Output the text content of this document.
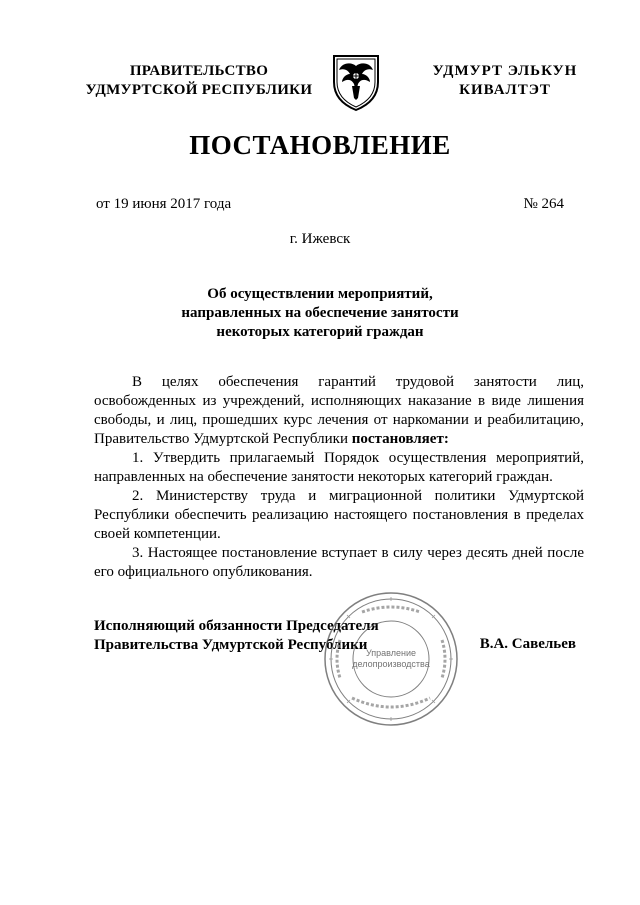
ПРАВИТЕЛЬСТВО
УДМУРТСКОЙ РЕСПУБЛИКИ
УДМУРТ ЭЛЬКУН
КИВАЛТЭТ
ПОСТАНОВЛЕНИЕ
от 19 июня 2017 года	№ 264
г. Ижевск
Об осуществлении мероприятий,
направленных на обеспечение занятости
некоторых категорий граждан

В целях обеспечения гарантий трудовой занятости лиц, освобожденных из учреждений, исполняющих наказание в виде лишения свободы, и лиц, прошедших курс лечения от наркомании и реабилитацию, Правительство Удмуртской Республики постановляет:

1. Утвердить прилагаемый Порядок осуществления мероприятий, направленных на обеспечение занятости некоторых категорий граждан.

2. Министерству труда и миграционной политики Удмуртской Республики обеспечить реализацию настоящего постановления в пределах своей компетенции.

3. Настоящее постановление вступает в силу через десять дней после его официального опубликования.

Исполняющий обязанности Председателя
Правительства Удмуртской Республики	В.А. Савельев
Управление
делопроизводства
